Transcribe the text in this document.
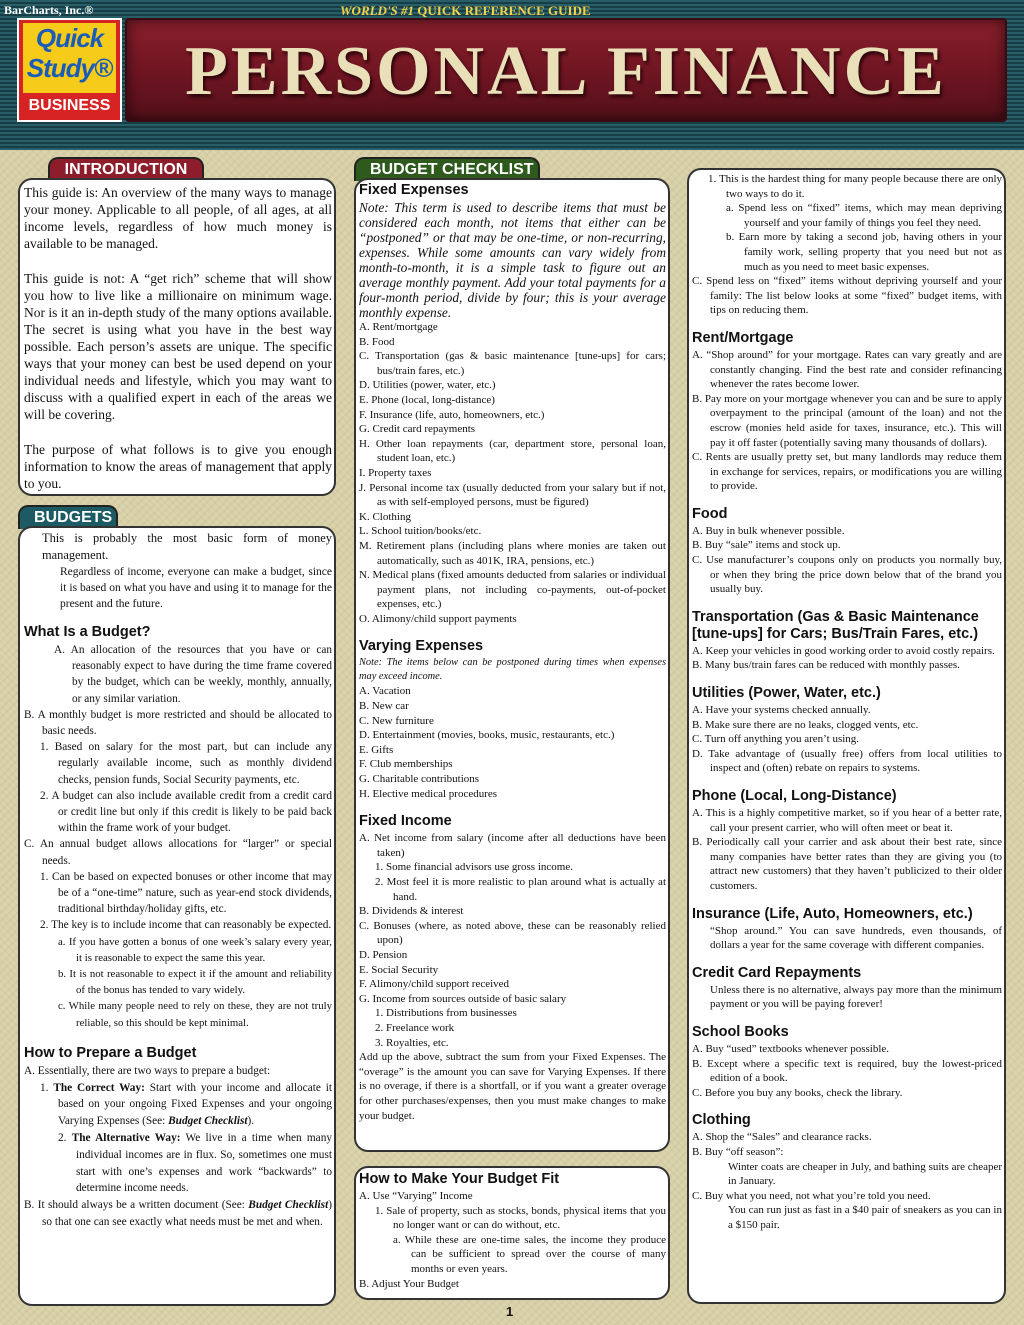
BarCharts, Inc.®	WORLD'S #1 QUICK REFERENCE GUIDE
Quick
Study®
BUSINESS	PERSONAL FINANCE
INTRODUCTION

This guide is: An overview of the many ways to manage your money. Applicable to all people, of all ages, at all income levels, regardless of how much money is available to be managed.

This guide is not: A “get rich” scheme that will show you how to live like a millionaire on minimum wage. Nor is it an in-depth study of the many options available. The secret is using what you have in the best way possible. Each person’s assets are unique. The specific ways that your money can best be used depend on your individual needs and lifestyle, which you may want to discuss with a qualified expert in each of the areas we will be covering.

The purpose of what follows is to give you enough information to know the areas of management that apply to you.

BUDGETS

This is probably the most basic form of money management.

Regardless of income, everyone can make a budget, since it is based on what you have and using it to manage for the present and the future.

What Is a Budget?

A. An allocation of the resources that you have or can reasonably expect to have during the time frame covered by the budget, which can be weekly, monthly, annually, or any similar variation.

B. A monthly budget is more restricted and should be allocated to basic needs.

1. Based on salary for the most part, but can include any regularly available income, such as monthly dividend checks, pension funds, Social Security payments, etc.

2. A budget can also include available credit from a credit card or credit line but only if this credit is likely to be paid back within the frame work of your budget.

C. An annual budget allows allocations for “larger” or special needs.

1. Can be based on expected bonuses or other income that may be of a “one-time” nature, such as year-end stock dividends, traditional birthday/holiday gifts, etc.

2. The key is to include income that can reasonably be expected.

a. If you have gotten a bonus of one week’s salary every year, it is reasonable to expect the same this year.

b. It is not reasonable to expect it if the amount and reliability of the bonus has tended to vary widely.

c. While many people need to rely on these, they are not truly reliable, so this should be kept minimal.

How to Prepare a Budget

A. Essentially, there are two ways to prepare a budget:

1. The Correct Way: Start with your income and allocate it based on your ongoing Fixed Expenses and your ongoing Varying Expenses (See: Budget Checklist).

2. The Alternative Way: We live in a time when many individual incomes are in flux. So, sometimes one must start with one’s expenses and work “backwards” to determine income needs.

B. It should always be a written document (See: Budget Checklist) so that one can see exactly what needs must be met and when.

BUDGET CHECKLIST
Fixed Expenses

Note: This term is used to describe items that must be considered each month, not items that either can be “postponed” or that may be one-time, or non-recurring, expenses. While some amounts can vary widely from month-to-month, it is a simple task to figure out an average monthly payment. Add your total payments for a four-month period, divide by four; this is your average monthly expense.

A. Rent/mortgage

B. Food

C. Transportation (gas & basic maintenance [tune-ups] for cars; bus/train fares, etc.)

D. Utilities (power, water, etc.)

E. Phone (local, long-distance)

F. Insurance (life, auto, homeowners, etc.)

G. Credit card repayments

H. Other loan repayments (car, department store, personal loan, student loan, etc.)

I. Property taxes

J. Personal income tax (usually deducted from your salary but if not, as with self-employed persons, must be figured)

K. Clothing

L. School tuition/books/etc.

M. Retirement plans (including plans where monies are taken out automatically, such as 401K, IRA, pensions, etc.)

N. Medical plans (fixed amounts deducted from salaries or individual payment plans, not including co-payments, out-of-pocket expenses, etc.)

O. Alimony/child support payments

Varying Expenses

Note: The items below can be postponed during times when expenses may exceed income.

A. Vacation

B. New car

C. New furniture

D. Entertainment (movies, books, music, restaurants, etc.)

E. Gifts

F. Club memberships

G. Charitable contributions

H. Elective medical procedures

Fixed Income

A. Net income from salary (income after all deductions have been taken)

1. Some financial advisors use gross income.

2. Most feel it is more realistic to plan around what is actually at hand.

B. Dividends & interest

C. Bonuses (where, as noted above, these can be reasonably relied upon)

D. Pension

E. Social Security

F. Alimony/child support received

G. Income from sources outside of basic salary

1. Distributions from businesses

2. Freelance work

3. Royalties, etc.

Add up the above, subtract the sum from your Fixed Expenses. The “overage” is the amount you can save for Varying Expenses. If there is no overage, if there is a shortfall, or if you want a greater overage for other purchases/expenses, then you must make changes to make your budget.

How to Make Your Budget Fit

A. Use “Varying” Income

1. Sale of property, such as stocks, bonds, physical items that you no longer want or can do without, etc.

a. While these are one-time sales, the income they produce can be sufficient to spread over the course of many months or even years.

B. Adjust Your Budget

1. This is the hardest thing for many people because there are only two ways to do it.

a. Spend less on “fixed” items, which may mean depriving yourself and your family of things you feel they need.

b. Earn more by taking a second job, having others in your family work, selling property that you need but not as much as you need to meet basic expenses.

C. Spend less on “fixed” items without depriving yourself and your family: The list below looks at some “fixed” budget items, with tips on reducing them.

Rent/Mortgage

A. “Shop around” for your mortgage. Rates can vary greatly and are constantly changing. Find the best rate and consider refinancing whenever the rates become lower.

B. Pay more on your mortgage whenever you can and be sure to apply overpayment to the principal (amount of the loan) and not the escrow (monies held aside for taxes, insurance, etc.). This will pay it off faster (potentially saving many thousands of dollars).

C. Rents are usually pretty set, but many landlords may reduce them in exchange for services, repairs, or modifications you are willing to provide.

Food

A. Buy in bulk whenever possible.

B. Buy “sale” items and stock up.

C. Use manufacturer’s coupons only on products you normally buy, or when they bring the price down below that of the brand you usually buy.

Transportation (Gas & Basic Maintenance [tune-ups] for Cars; Bus/Train Fares, etc.)

A. Keep your vehicles in good working order to avoid costly repairs.

B. Many bus/train fares can be reduced with monthly passes.

Utilities (Power, Water, etc.)

A. Have your systems checked annually.

B. Make sure there are no leaks, clogged vents, etc.

C. Turn off anything you aren’t using.

D. Take advantage of (usually free) offers from local utilities to inspect and (often) rebate on repairs to systems.

Phone (Local, Long-Distance)

A. This is a highly competitive market, so if you hear of a better rate, call your present carrier, who will often meet or beat it.

B. Periodically call your carrier and ask about their best rate, since many companies have better rates than they are giving you (to attract new customers) that they haven’t publicized to their older customers.

Insurance (Life, Auto, Homeowners, etc.)

“Shop around.” You can save hundreds, even thousands, of dollars a year for the same coverage with different companies.

Credit Card Repayments

Unless there is no alternative, always pay more than the minimum payment or you will be paying forever!

School Books

A. Buy “used” textbooks whenever possible.

B. Except where a specific text is required, buy the lowest-priced edition of a book.

C. Before you buy any books, check the library.

Clothing

A. Shop the “Sales” and clearance racks.

B. Buy “off season”:

Winter coats are cheaper in July, and bathing suits are cheaper in January.

C. Buy what you need, not what you’re told you need.

You can run just as fast in a $40 pair of sneakers as you can in a $150 pair.

1
